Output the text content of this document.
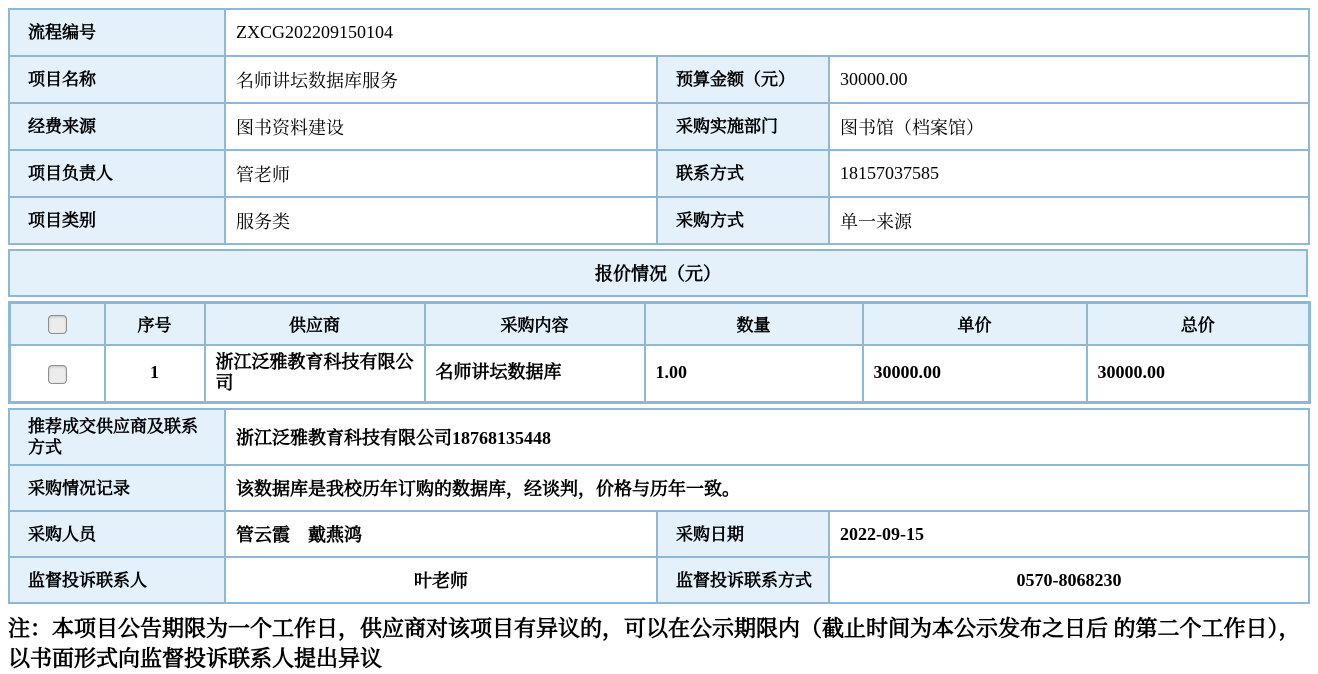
流程编号	ZXCG202209150104		
项目名称	名师讲坛数据库服务	预算金额（元）	30000.00
经费来源	图书资料建设	采购实施部门	图书馆（档案馆）
项目负责人	管老师	联系方式	18157037585
项目类别	服务类	采购方式	单一来源
报价情况（元）
	序号	供应商	采购内容	数量	单价	总价
	1	浙江泛雅教育科技有限公司	名师讲坛数据库	1.00	30000.00	30000.00
推荐成交供应商及联系方式	浙江泛雅教育科技有限公司18768135448		
采购情况记录	该数据库是我校历年订购的数据库，经谈判，价格与历年一致。		
采购人员	管云霞　戴燕鸿	采购日期	2022-09-15
监督投诉联系人	叶老师	监督投诉联系方式	0570-8068230
注：本项目公告期限为一个工作日，供应商对该项目有异议的，可以在公示期限内（截止时间为本公示发布之日后 的第二个工作日），以书面形式向监督投诉联系人提出异议
